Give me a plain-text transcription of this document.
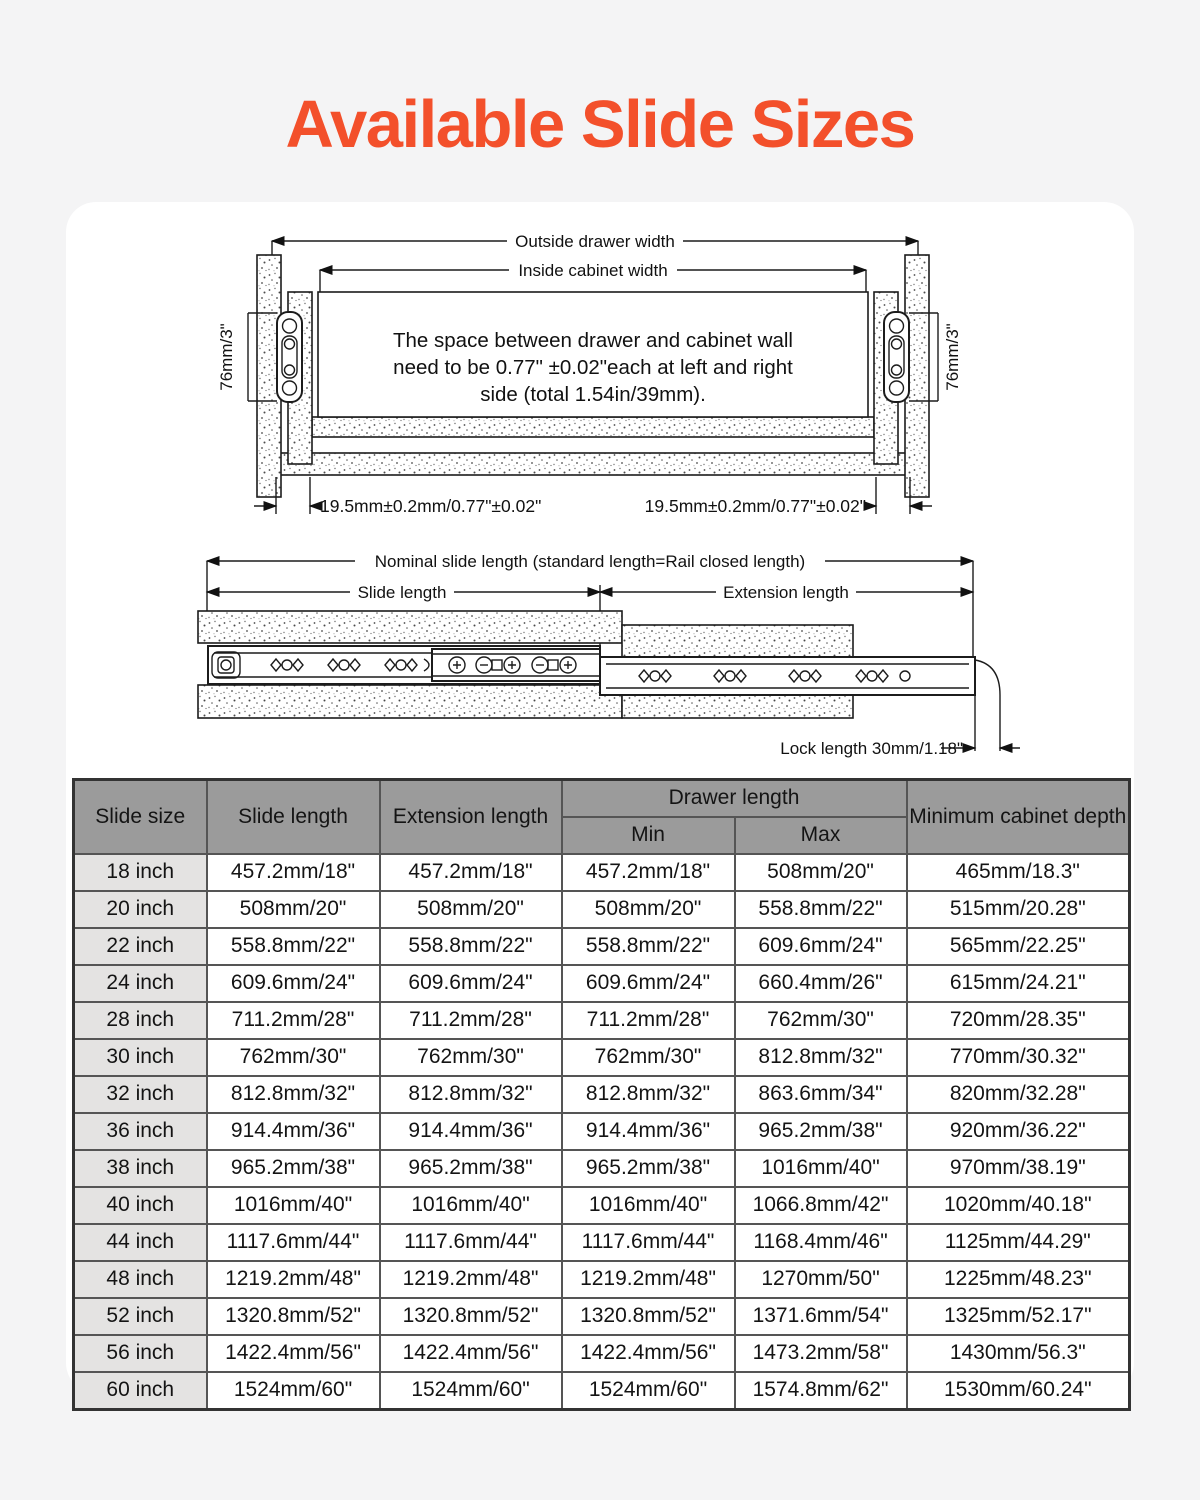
Available Slide Sizes
Outside drawer width
Inside cabinet width
The space between drawer and cabinet wall
need to be 0.77" ±0.02"each at left and right
side (total 1.54in/39mm).
76mm/3"	76mm/3"
19.5mm±0.2mm/0.77"±0.02"	19.5mm±0.2mm/0.77"±0.02"
Nominal slide length (standard length=Rail closed length)
Slide length	Extension length
Lock length 30mm/1.18"
Slide size	Slide length	Extension length	Drawer length		Minimum cabinet depth
			Min	Max	
18 inch	457.2mm/18"	457.2mm/18"	457.2mm/18"	508mm/20"	465mm/18.3"
20 inch	508mm/20"	508mm/20"	508mm/20"	558.8mm/22"	515mm/20.28"
22 inch	558.8mm/22"	558.8mm/22"	558.8mm/22"	609.6mm/24"	565mm/22.25"
24 inch	609.6mm/24"	609.6mm/24"	609.6mm/24"	660.4mm/26"	615mm/24.21"
28 inch	711.2mm/28"	711.2mm/28"	711.2mm/28"	762mm/30"	720mm/28.35"
30 inch	762mm/30"	762mm/30"	762mm/30"	812.8mm/32"	770mm/30.32"
32 inch	812.8mm/32"	812.8mm/32"	812.8mm/32"	863.6mm/34"	820mm/32.28"
36 inch	914.4mm/36"	914.4mm/36"	914.4mm/36"	965.2mm/38"	920mm/36.22"
38 inch	965.2mm/38"	965.2mm/38"	965.2mm/38"	1016mm/40"	970mm/38.19"
40 inch	1016mm/40"	1016mm/40"	1016mm/40"	1066.8mm/42"	1020mm/40.18"
44 inch	1117.6mm/44"	1117.6mm/44"	1117.6mm/44"	1168.4mm/46"	1125mm/44.29"
48 inch	1219.2mm/48"	1219.2mm/48"	1219.2mm/48"	1270mm/50"	1225mm/48.23"
52 inch	1320.8mm/52"	1320.8mm/52"	1320.8mm/52"	1371.6mm/54"	1325mm/52.17"
56 inch	1422.4mm/56"	1422.4mm/56"	1422.4mm/56"	1473.2mm/58"	1430mm/56.3"
60 inch	1524mm/60"	1524mm/60"	1524mm/60"	1574.8mm/62"	1530mm/60.24"
